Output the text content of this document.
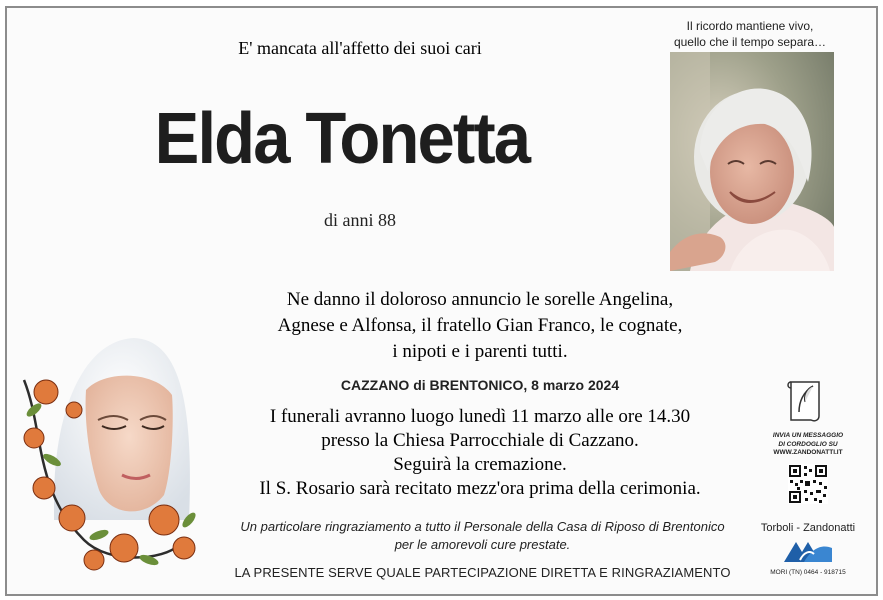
E' mancata all'affetto dei suoi cari
Elda Tonetta
di anni 88
Il ricordo mantiene vivo,
quello che il tempo separa…
Ne danno il doloroso annuncio le sorelle Angelina,
Agnese e Alfonsa, il fratello Gian Franco, le cognate,
i nipoti e i parenti tutti.
CAZZANO di BRENTONICO, 8 marzo 2024
I funerali avranno luogo lunedì 11 marzo alle ore 14.30
presso la Chiesa Parrocchiale di Cazzano.
Seguirà la cremazione.
Il S. Rosario sarà recitato mezz'ora prima della cerimonia.
Un particolare ringraziamento a tutto il Personale della Casa di Riposo di Brentonico
per le amorevoli cure prestate.
LA PRESENTE SERVE QUALE PARTECIPAZIONE DIRETTA E RINGRAZIAMENTO
INVIA UN MESSAGGIO
DI CORDOGLIO SU
WWW.ZANDONATTI.IT
Torboli - Zandonatti
MORI (TN) 0464 - 918715
